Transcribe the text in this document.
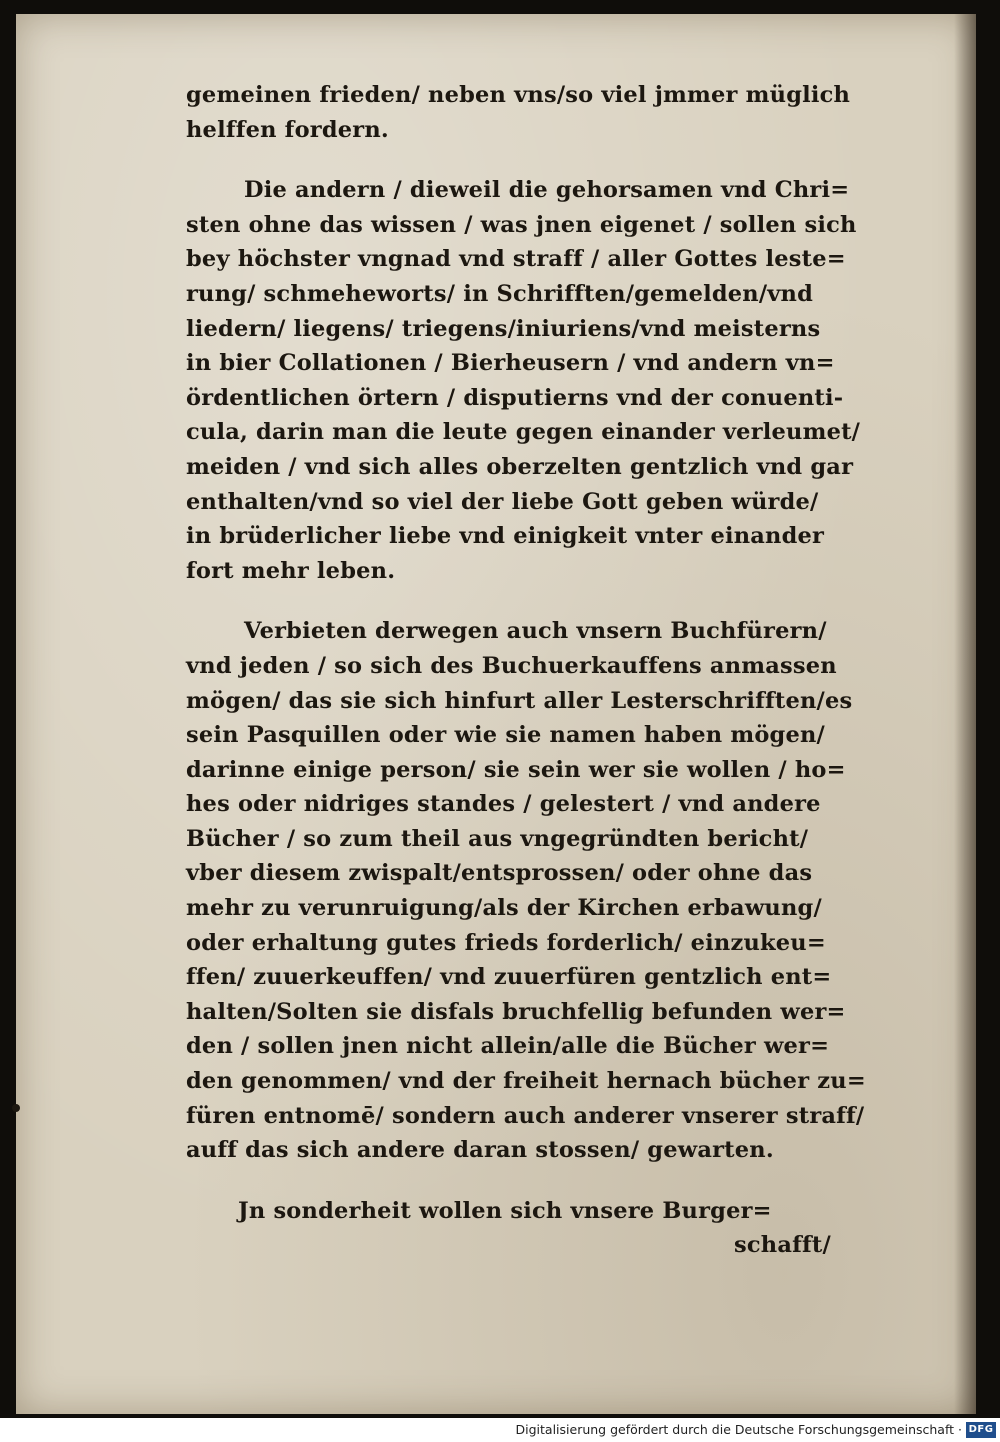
gemeinen frieden/ neben vns/so viel jmmer müglich
helffen fordern.
Die andern / dieweil die gehorsamen vnd Chri=
sten ohne das wissen / was jnen eigenet / sollen sich
bey höchster vngnad vnd straff / aller Gottes leste=
rung/ schmeheworts/ in Schrifften/gemelden/vnd
liedern/ liegens/ triegens/iniuriens/vnd meisterns
in bier Collationen / Bierheusern / vnd andern vn=
ördentlichen örtern / disputierns vnd der conuenti-
cula, darin man die leute gegen einander verleumet/
meiden / vnd sich alles oberzelten gentzlich vnd gar
enthalten/vnd so viel der liebe Gott geben würde/
in brüderlicher liebe vnd einigkeit vnter einander
fort mehr leben.
Verbieten derwegen auch vnsern Buchfürern/
vnd jeden / so sich des Buchuerkauffens anmassen
mögen/ das sie sich hinfurt aller Lesterschrifften/es
sein Pasquillen oder wie sie namen haben mögen/
darinne einige person/ sie sein wer sie wollen / ho=
hes oder nidriges standes / gelestert / vnd andere
Bücher / so zum theil aus vngegründten bericht/
vber diesem zwispalt/entsprossen/ oder ohne das
mehr zu verunruigung/als der Kirchen erbawung/
oder erhaltung gutes frieds forderlich/ einzukeu=
ffen/ zuuerkeuffen/ vnd zuuerfüren gentzlich ent=
halten/Solten sie disfals bruchfellig befunden wer=
den / sollen jnen nicht allein/alle die Bücher wer=
den genommen/ vnd der freiheit hernach bücher zu=
füren entnomē/ sondern auch anderer vnserer straff/
auff das sich andere daran stossen/ gewarten.
Jn sonderheit wollen sich vnsere Burger=
schafft/
Digitalisierung gefördert durch die Deutsche Forschungsgemeinschaft · DFG
